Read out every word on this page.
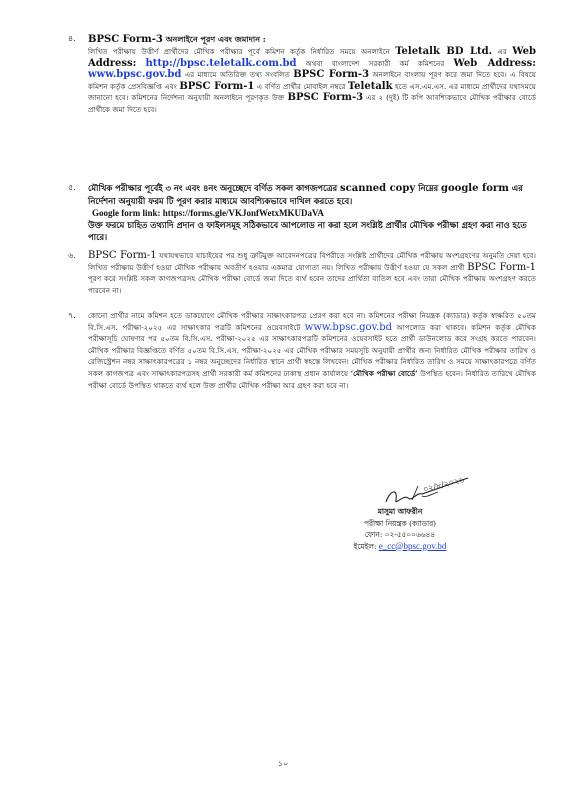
৪. BPSC Form-3 অনলাইনে পূরণ এবং জমাদান :

লিখিত পরীক্ষায় উত্তীর্ণ প্রার্থীদের মৌখিক পরীক্ষার পূর্বে কমিশন কর্তৃক নির্ধারিত সময়ে অনলাইনে Teletalk BD Ltd. এর Web Address: http://bpsc.teletalk.com.bd অথবা বাংলাদেশ সরকারী কর্ম কমিশনের Web Address: www.bpsc.gov.bd এর মাধ্যমে অতিরিক্ত তথ্য সংবলিত BPSC Form-3 অনলাইনে বাংলায় পূরণ করে জমা দিতে হবে। এ বিষয়ে কমিশন কর্তৃক প্রেসবিজ্ঞপ্তি এবং BPSC Form-1 এ বর্ণিত প্রার্থীর মোবাইল নম্বরে Teletalk হতে এস.এম.এস. এর মাধ্যমে প্রার্থীদের যথাসময়ে জানানো হবে। কমিশনের নির্দেশনা অনুযায়ী অনলাইনে পূরণকৃত উক্ত BPSC Form-3 এর ২ (দুই) টি কপি আবশ্যিকভাবে মৌখিক পরীক্ষার বোর্ডে প্রার্থীকে জমা দিতে হবে।

৫. মৌখিক পরীক্ষার পূর্বেই ৩ নং এবং ৪নং অনুচ্ছেদে বর্ণিত সকল কাগজপত্রের scanned copy নিম্নের google form এর নির্দেশনা অনুযায়ী ফরম টি পূরণ করার মাধ্যমে আবশ্যিকভাবে দাখিল করতে হবে।

Google form link: https://forms.gle/VKJonfWetxMKUDaVA

উক্ত ফরমে চাহিত তথ্যাদি প্রদান ও ফাইলসমূহ সঠিকভাবে আপলোড না করা হলে সংশ্লিষ্ট প্রার্থীর মৌখিক পরীক্ষা গ্রহণ করা নাও হতে পারে।

৬. BPSC Form-1 যথাযথভাবে যাচাইয়ের পর শুধু ত্রুটিমুক্ত আবেদনপত্রের বিপরীতে সংশ্লিষ্ট প্রার্থীদের মৌখিক পরীক্ষায় অংশগ্রহণের অনুমতি দেয়া হবে। লিখিত পরীক্ষায় উত্তীর্ণ হওয়া মৌখিক পরীক্ষায় অবতীর্ণ হওয়ার একমাত্র যোগ্যতা নয়। লিখিত পরীক্ষায় উত্তীর্ণ হওয়া যে সকল প্রার্থী BPSC Form-1 পূরণ করে সংশ্লিষ্ট সকল কাগজপত্রসহ মৌখিক পরীক্ষা বোর্ডে জমা দিতে ব্যর্থ হবেন তাদের প্রার্থিতা বাতিল হবে এবং তারা মৌখিক পরীক্ষায় অংশগ্রহণ করতে পারবেন না।

৭. কোনো প্রার্থীর নামে কমিশন হতে ডাকযোগে মৌখিক পরীক্ষার সাক্ষাৎকারপত্র প্রেরণ করা হবে না। কমিশনের পরীক্ষা নিয়ন্ত্রক (ক্যাডার) কর্তৃক স্বাক্ষরিত ৫০তম বি.সি.এস. পরীক্ষা-২০২৫ এর সাক্ষাৎকার পত্রটি কমিশনের ওয়েবসাইটে www.bpsc.gov.bd আপলোড করা থাকবে। কমিশন কর্তৃক মৌখিক পরীক্ষাসূচি ঘোষণার পর ৫০তম বি.সি.এস. পরীক্ষা-২০২৫ এর সাক্ষাৎকারপত্রটি কমিশনের ওয়েবসাইট হতে প্রার্থী ডাউনলোড করে সংগ্রহ করতে পারবেন। মৌখিক পরীক্ষার বিজ্ঞপ্তিতে বর্ণিত ৫০তম বি.সি.এস. পরীক্ষা-২০২৫ এর মৌখিক পরীক্ষার সময়সূচি অনুযায়ী প্রার্থীর জন্য নির্ধারিত মৌখিক পরীক্ষার তারিখ ও রেজিস্ট্রেশন নম্বর সাক্ষাৎকারপত্রের ১ নম্বর অনুচ্ছেদের নির্ধারিত স্থানে প্রার্থী স্বহস্তে লিখবেন। মৌখিক পরীক্ষার নির্ধারিত তারিখ ও সময়ে সাক্ষাৎকারপত্রে বর্ণিত সকল কাগজপত্র এবং সাক্ষাৎকারপত্রসহ প্রার্থী সরকারী কর্ম কমিশনের ঢাকাস্থ প্রধান কার্যালয়ে ‘মৌখিক পরীক্ষা বোর্ডে’ উপস্থিত হবেন। নির্ধারিত তারিখে মৌখিক পরীক্ষা বোর্ডে উপস্থিত থাকতে ব্যর্থ হলে উক্ত প্রার্থীর মৌখিক পরীক্ষা আর গ্রহণ করা হবে না।

০২/৮/২০২৬
মাসুমা আফরীন
পরীক্ষা নিয়ন্ত্রক (ক্যাডার)
ফোন: ০২-৫৫০০৬৬৪৪
ইমেইল: e_cc@bpsc.gov.bd
১০
